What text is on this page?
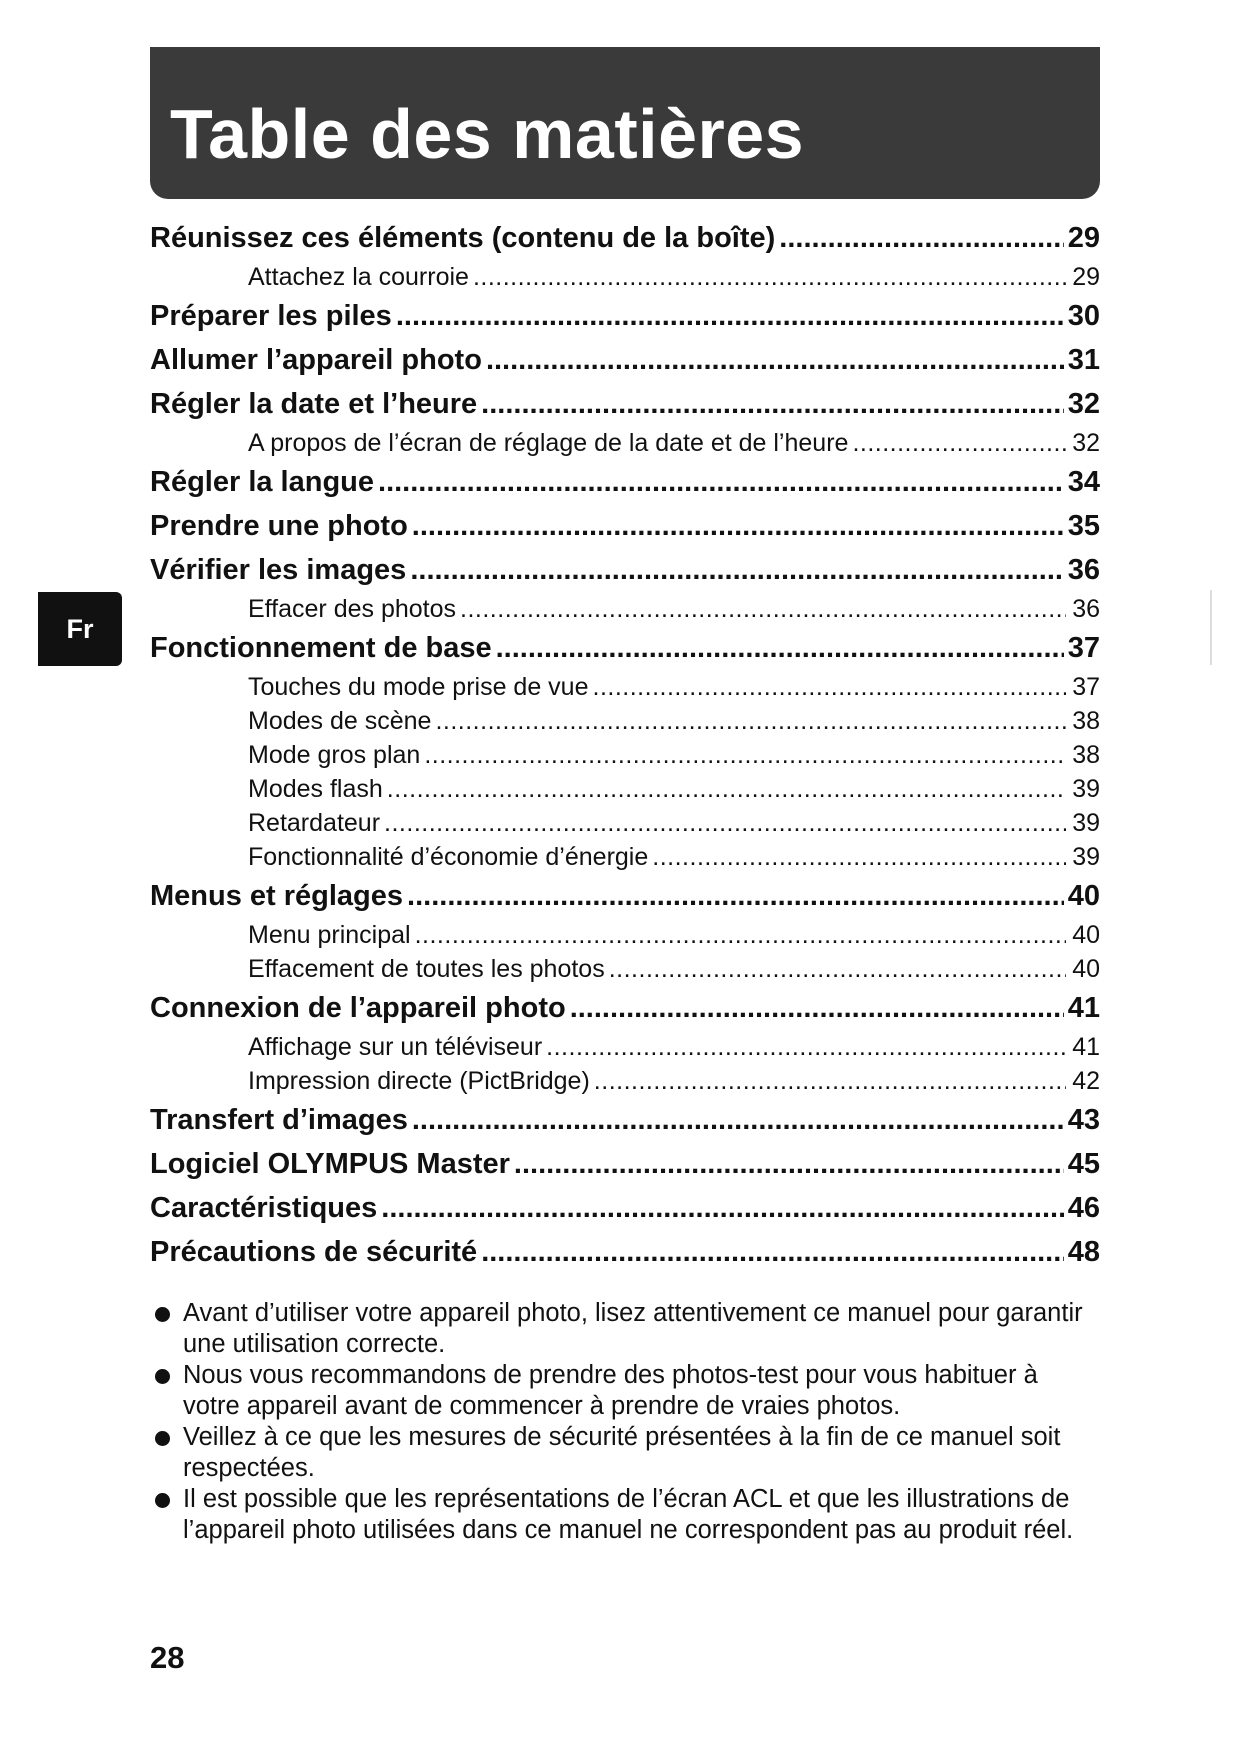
Table des matières
Fr
Réunissez ces éléments (contenu de la boîte) .....	29
Attachez la courroie .....	29
Préparer les piles .....	30
Allumer l’appareil photo .....	31
Régler la date et l’heure .....	32
A propos de l’écran de réglage de la date et de l’heure .....	32
Régler la langue .....	34
Prendre une photo .....	35
Vérifier les images .....	36
Effacer des photos .....	36
Fonctionnement de base .....	37
Touches du mode prise de vue .....	37
Modes de scène .....	38
Mode gros plan .....	38
Modes flash .....	39
Retardateur .....	39
Fonctionnalité d’économie d’énergie .....	39
Menus et réglages .....	40
Menu principal .....	40
Effacement de toutes les photos .....	40
Connexion de l’appareil photo .....	41
Affichage sur un téléviseur .....	41
Impression directe (PictBridge) .....	42
Transfert d’images .....	43
Logiciel OLYMPUS Master .....	45
Caractéristiques .....	46
Précautions de sécurité .....	48
Avant d’utiliser votre appareil photo, lisez attentivement ce manuel pour garantir une utilisation correcte.
Nous vous recommandons de prendre des photos-test pour vous habituer à votre appareil avant de commencer à prendre de vraies photos.
Veillez à ce que les mesures de sécurité présentées à la fin de ce manuel soit respectées.
Il est possible que les représentations de l’écran ACL et que les illustrations de l’appareil photo utilisées dans ce manuel ne correspondent pas au produit réel.
28
